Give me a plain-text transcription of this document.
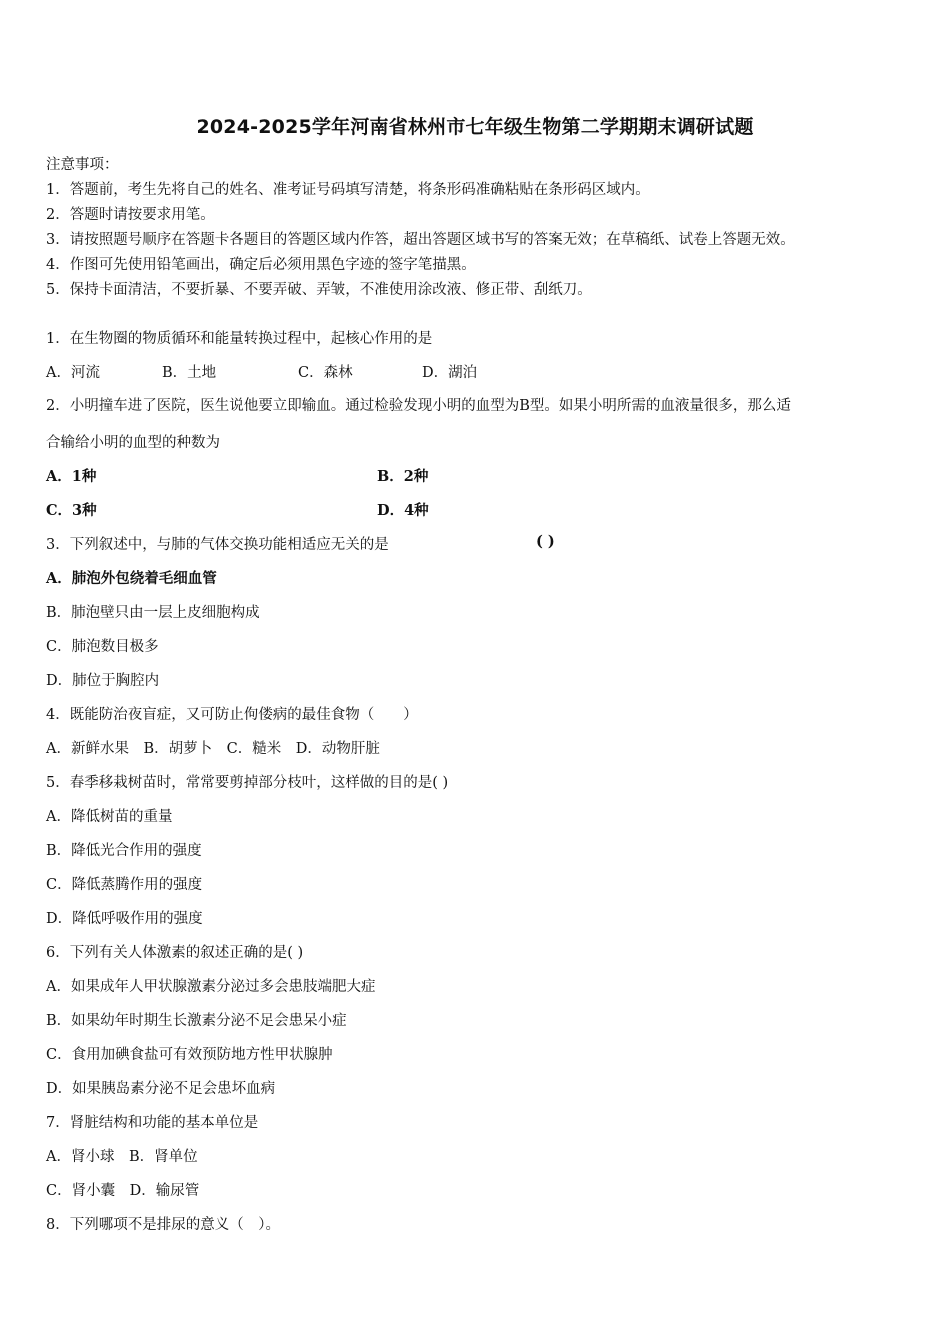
2024-2025学年河南省林州市七年级生物第二学期期末调研试题
注意事项：
1．答题前，考生先将自己的姓名、准考证号码填写清楚，将条形码准确粘贴在条形码区域内。
2．答题时请按要求用笔。
3．请按照题号顺序在答题卡各题目的答题区域内作答，超出答题区域书写的答案无效；在草稿纸、试卷上答题无效。
4．作图可先使用铅笔画出，确定后必须用黑色字迹的签字笔描黑。
5．保持卡面清洁，不要折暴、不要弄破、弄皱，不准使用涂改液、修正带、刮纸刀。
1．在生物圈的物质循环和能量转换过程中，起核心作用的是
A．河流	B．土地	C．森林	D．湖泊
2．小明撞车进了医院，医生说他要立即输血。通过检验发现小明的血型为B型。如果小明所需的血液量很多，那么适
合输给小明的血型的种数为
A．1种	B．2种
C．3种	D．4种
3．下列叙述中，与肺的气体交换功能相适应无关的是	( )
A．肺泡外包绕着毛细血管
B．肺泡壁只由一层上皮细胞构成
C．肺泡数目极多
D．肺位于胸腔内
4．既能防治夜盲症，又可防止佝偻病的最佳食物（　　）
A．新鲜水果　B．胡萝卜　C．糙米　D．动物肝脏
5．春季移栽树苗时，常常要剪掉部分枝叶，这样做的目的是( )
A．降低树苗的重量
B．降低光合作用的强度
C．降低蒸腾作用的强度
D．降低呼吸作用的强度
6．下列有关人体激素的叙述正确的是( )
A．如果成年人甲状腺激素分泌过多会患肢端肥大症
B．如果幼年时期生长激素分泌不足会患呆小症
C．食用加碘食盐可有效预防地方性甲状腺肿
D．如果胰岛素分泌不足会患坏血病
7．肾脏结构和功能的基本单位是
A．肾小球　B．肾单位
C．肾小囊　D．输尿管
8．下列哪项不是排尿的意义（　）。
